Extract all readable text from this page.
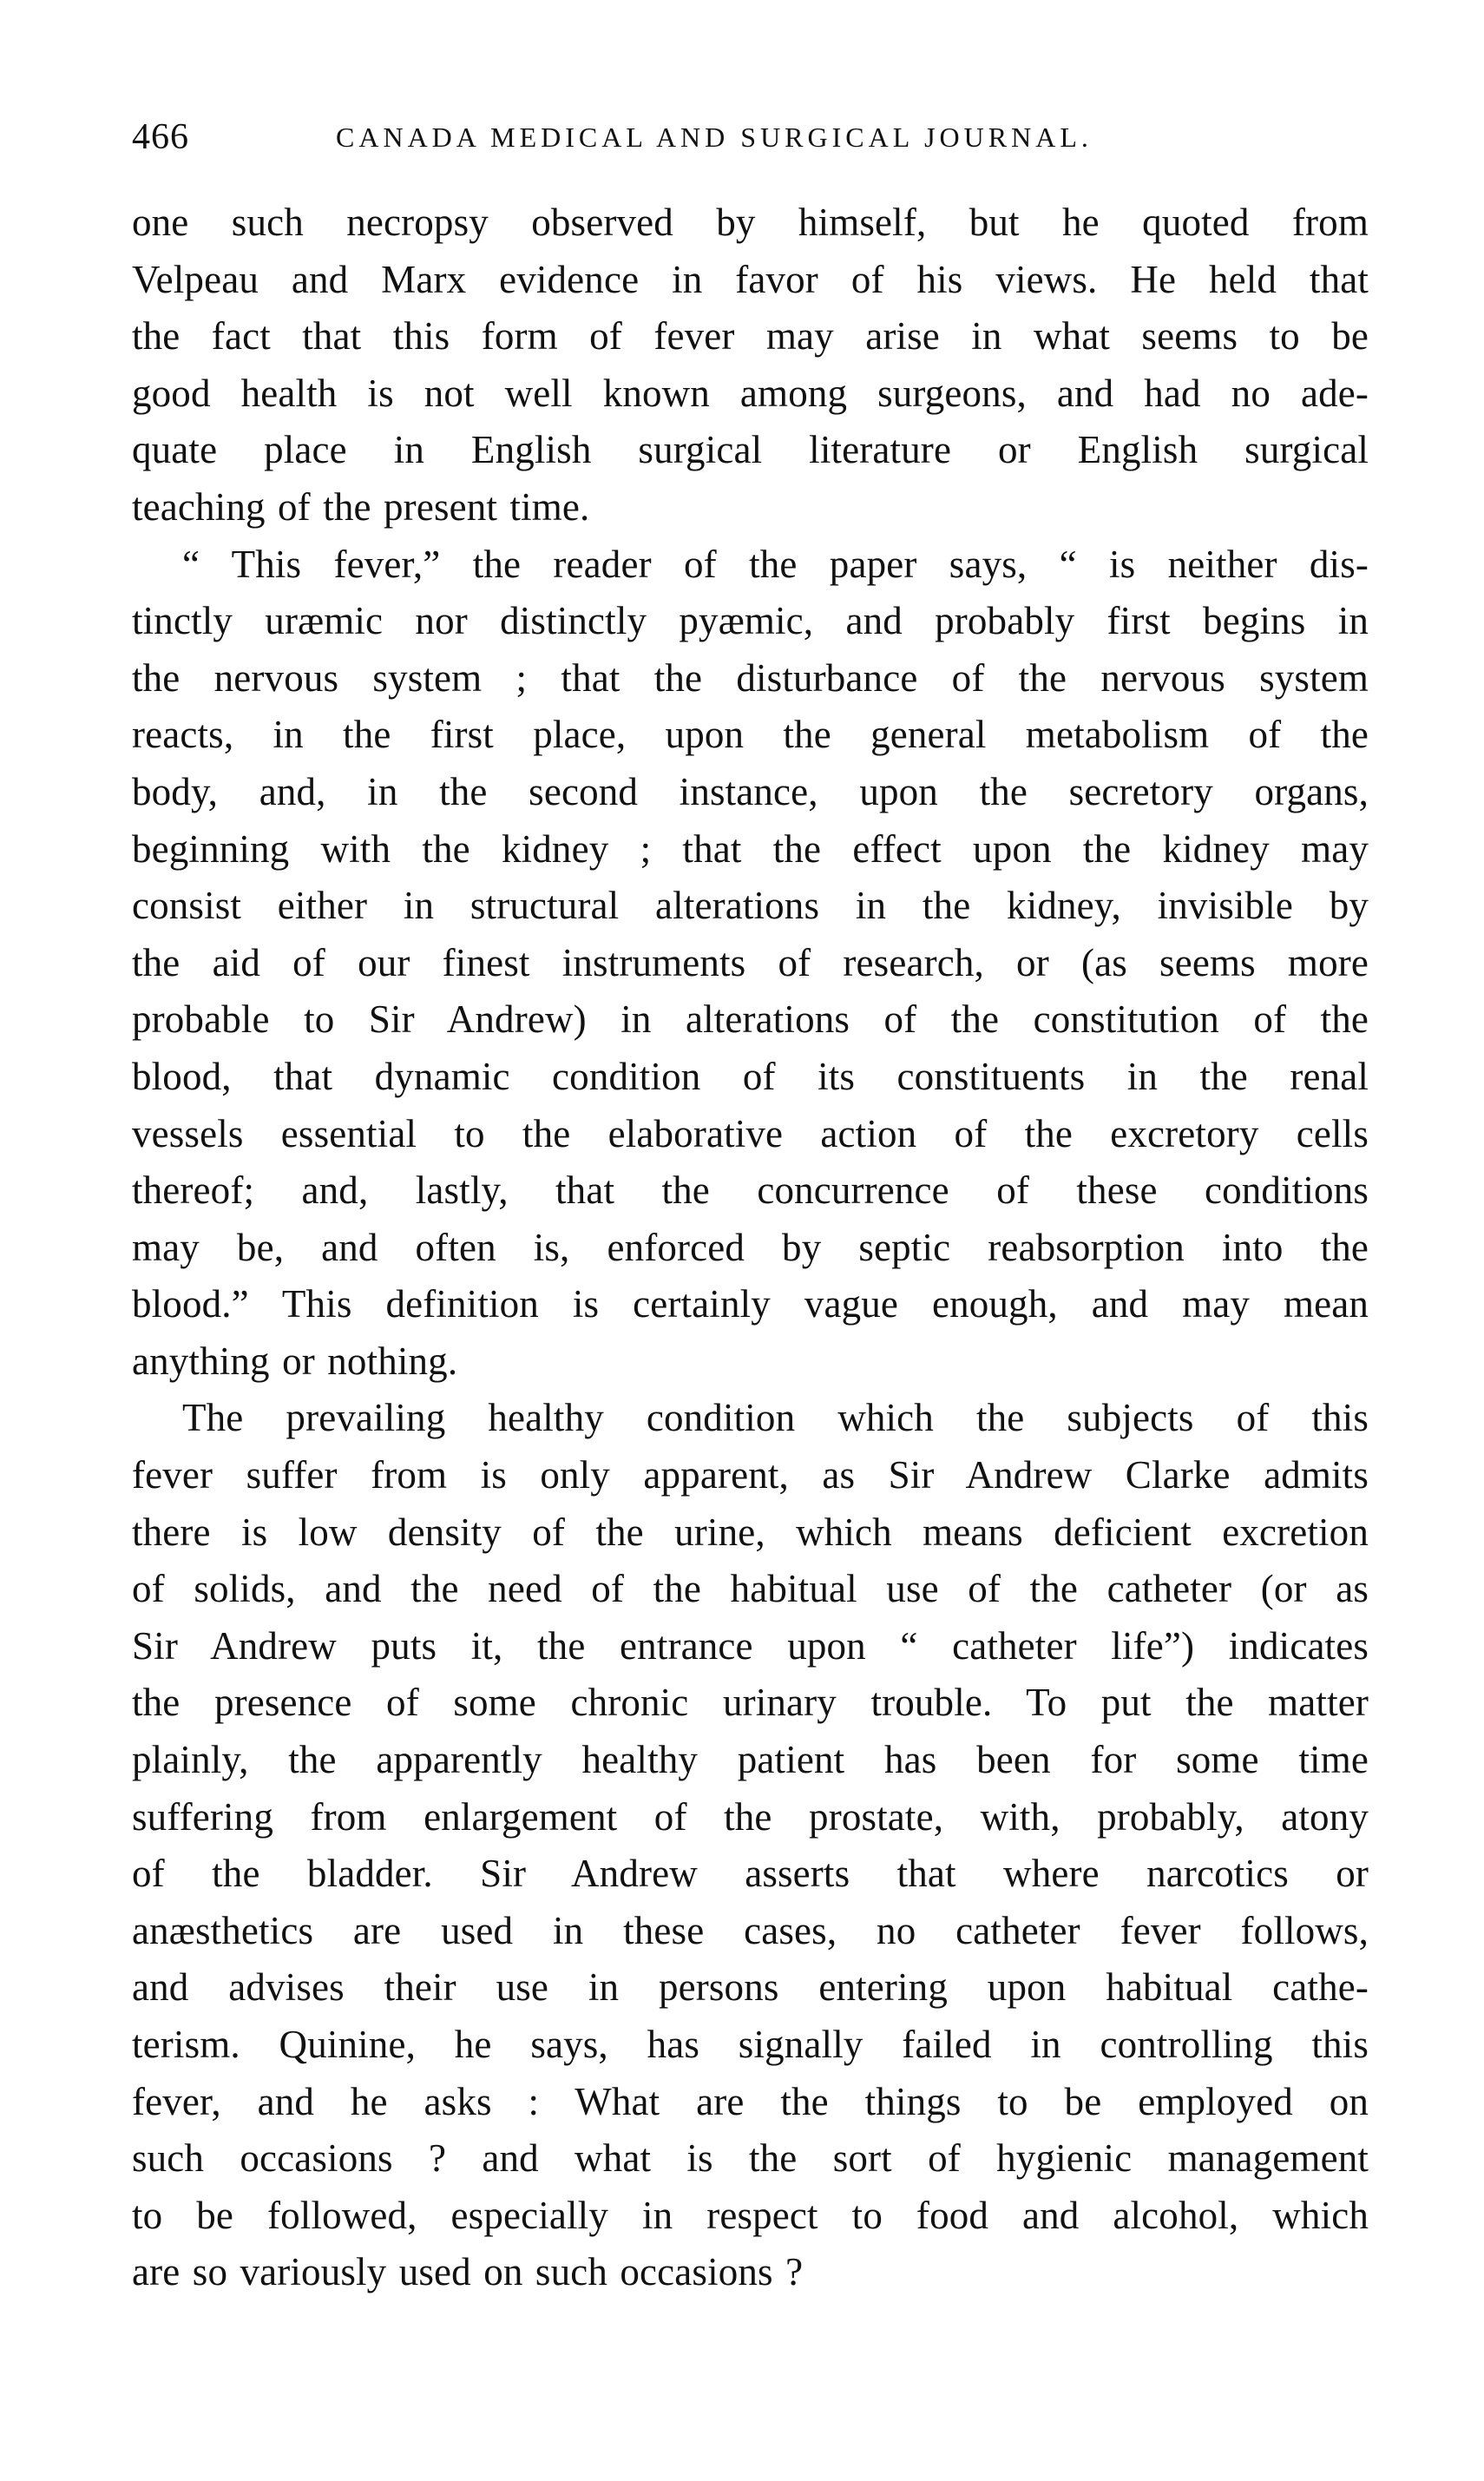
466	CANADA MEDICAL AND SURGICAL JOURNAL.
one such necropsy observed by himself, but he quoted from
Velpeau and Marx evidence in favor of his views. He held that
the fact that this form of fever may arise in what seems to be
good health is not well known among surgeons, and had no ade-
quate place in English surgical literature or English surgical
teaching of the present time.
“ This fever,” the reader of the paper says, “ is neither dis-
tinctly uræmic nor distinctly pyæmic, and probably first begins in
the nervous system ; that the disturbance of the nervous system
reacts, in the first place, upon the general metabolism of the
body, and, in the second instance, upon the secretory organs,
beginning with the kidney ; that the effect upon the kidney may
consist either in structural alterations in the kidney, invisible by
the aid of our finest instruments of research, or (as seems more
probable to Sir Andrew) in alterations of the constitution of the
blood, that dynamic condition of its constituents in the renal
vessels essential to the elaborative action of the excretory cells
thereof; and, lastly, that the concurrence of these conditions
may be, and often is, enforced by septic reabsorption into the
blood.” This definition is certainly vague enough, and may mean
anything or nothing.
The prevailing healthy condition which the subjects of this
fever suffer from is only apparent, as Sir Andrew Clarke admits
there is low density of the urine, which means deficient excretion
of solids, and the need of the habitual use of the catheter (or as
Sir Andrew puts it, the entrance upon “ catheter life”) indicates
the presence of some chronic urinary trouble. To put the matter
plainly, the apparently healthy patient has been for some time
suffering from enlargement of the prostate, with, probably, atony
of the bladder. Sir Andrew asserts that where narcotics or
anæsthetics are used in these cases, no catheter fever follows,
and advises their use in persons entering upon habitual cathe-
terism. Quinine, he says, has signally failed in controlling this
fever, and he asks : What are the things to be employed on
such occasions ? and what is the sort of hygienic management
to be followed, especially in respect to food and alcohol, which
are so variously used on such occasions ?
